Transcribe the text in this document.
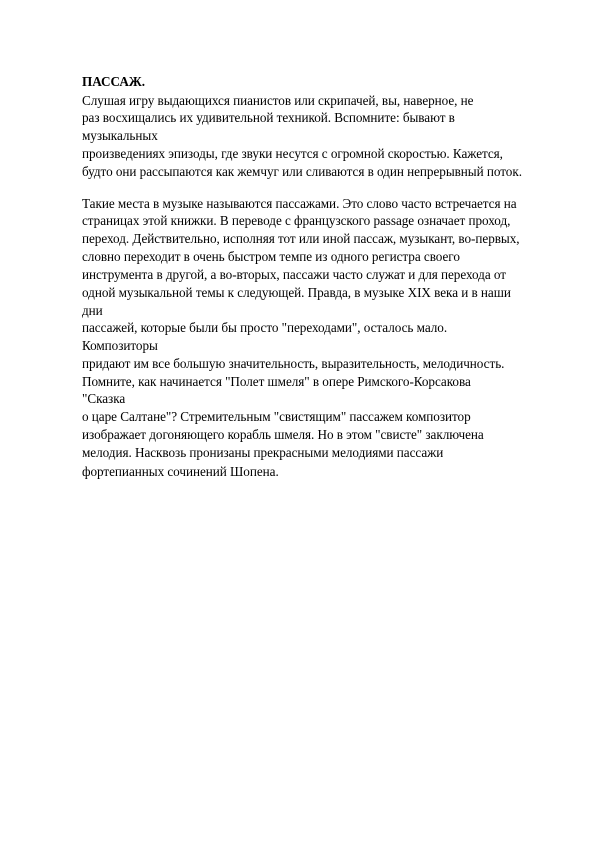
ПАССАЖ.
Слушая игру выдающихся пианистов или скрипачей, вы, наверное, не
раз восхищались их удивительной техникой. Вспомните: бывают в
музыкальных
произведениях эпизоды, где звуки несутся с огромной скоростью. Кажется,
будто они рассыпаются как жемчуг или сливаются в один непрерывный поток.
Такие места в музыке называются пассажами. Это слово часто встречается на
страницах этой книжки. В переводе с французского passage означает проход,
переход. Действительно, исполняя тот или иной пассаж, музыкант, во-первых,
словно переходит в очень быстром темпе из одного регистра своего
инструмента в другой, а во-вторых, пассажи часто служат и для перехода от
одной музыкальной темы к следующей. Правда, в музыке XIX века и в наши
дни
пассажей, которые были бы просто "переходами", осталось мало.
Композиторы
придают им все большую значительность, выразительность, мелодичность.
Помните, как начинается "Полет шмеля" в опере Римского-Корсакова
"Сказка
о царе Салтане"? Стремительным "свистящим" пассажем композитор
изображает догоняющего корабль шмеля. Но в этом "свисте" заключена
мелодия. Насквозь пронизаны прекрасными мелодиями пассажи
фортепианных сочинений Шопена.
